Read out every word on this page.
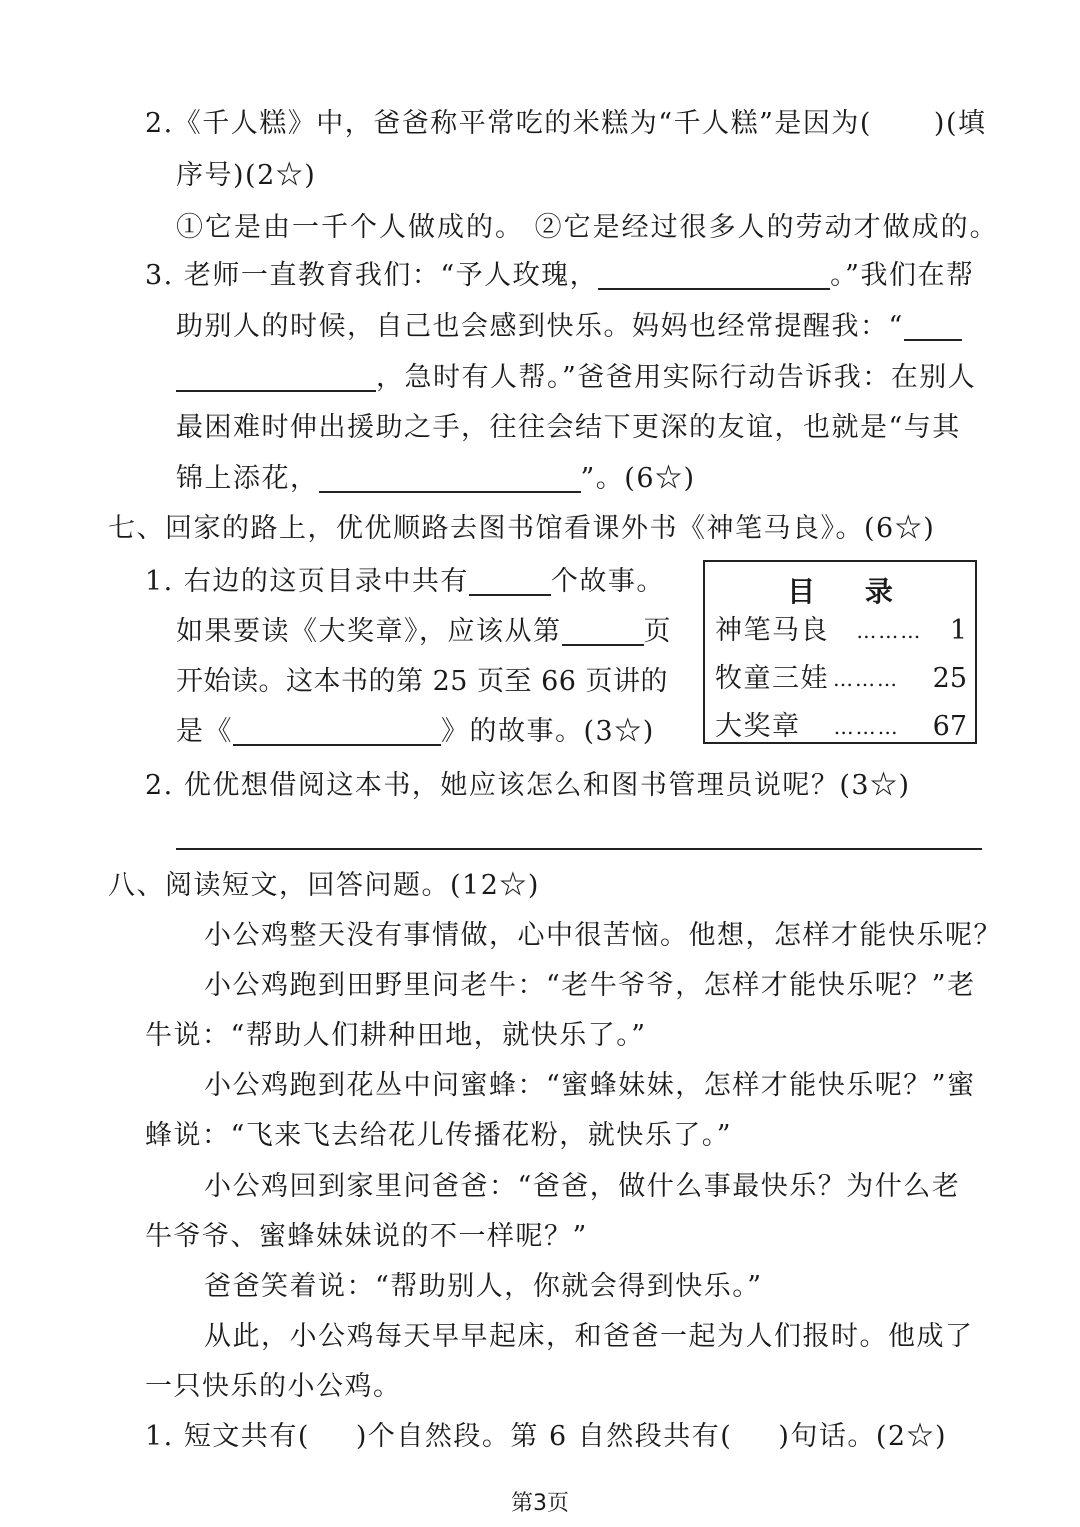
2.《千人糕》中，爸爸称平常吃的米糕为“千人糕”是因为( )(填
序号)(2☆)
①它是由一千个人做成的。 ②它是经过很多人的劳动才做成的。
3. 老师一直教育我们：“予人玫瑰，	。”我们在帮
助别人的时候，自己也会感到快乐。妈妈也经常提醒我：“
，急时有人帮。”爸爸用实际行动告诉我：在别人
最困难时伸出援助之手，往往会结下更深的友谊，也就是“与其
锦上添花，	”。(6☆)
七、回家的路上，优优顺路去图书馆看课外书《神笔马良》。(6☆)
1. 右边的这页目录中共有	个故事。
如果要读《大奖章》，应该从第	页
开始读。这本书的第 25 页至 66 页讲的
是《	》的故事。(3☆)
目 录
神笔马良	………	1
牧童三娃 ………	25
大奖章	………	67
2. 优优想借阅这本书，她应该怎么和图书管理员说呢？(3☆)
八、阅读短文，回答问题。(12☆)
小公鸡整天没有事情做，心中很苦恼。他想，怎样才能快乐呢？
小公鸡跑到田野里问老牛：“老牛爷爷，怎样才能快乐呢？”老
牛说：“帮助人们耕种田地，就快乐了。”
小公鸡跑到花丛中问蜜蜂：“蜜蜂妹妹，怎样才能快乐呢？”蜜
蜂说：“飞来飞去给花儿传播花粉，就快乐了。”
小公鸡回到家里问爸爸：“爸爸，做什么事最快乐？为什么老
牛爷爷、蜜蜂妹妹说的不一样呢？”
爸爸笑着说：“帮助别人，你就会得到快乐。”
从此，小公鸡每天早早起床，和爸爸一起为人们报时。他成了
一只快乐的小公鸡。
1. 短文共有( )个自然段。第 6 自然段共有( )句话。(2☆)
第3页
